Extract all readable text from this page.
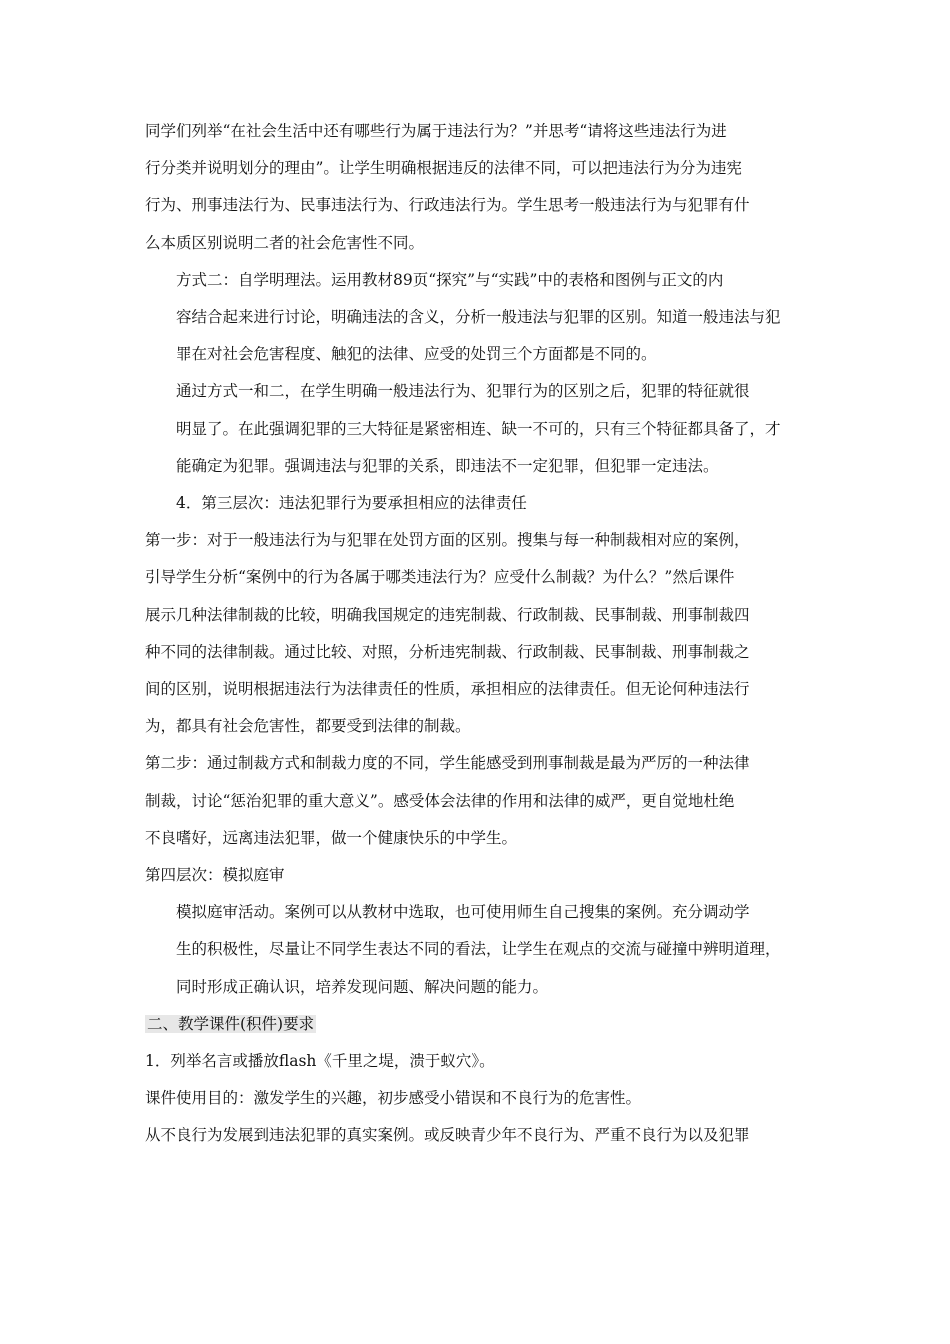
同学们列举“在社会生活中还有哪些行为属于违法行为？”并思考“请将这些违法行为进
行分类并说明划分的理由”。让学生明确根据违反的法律不同，可以把违法行为分为违宪
行为、刑事违法行为、民事违法行为、行政违法行为。学生思考一般违法行为与犯罪有什
么本质区别说明二者的社会危害性不同。
方式二：自学明理法。运用教材89页“探究”与“实践”中的表格和图例与正文的内
容结合起来进行讨论，明确违法的含义，分析一般违法与犯罪的区别。知道一般违法与犯
罪在对社会危害程度、触犯的法律、应受的处罚三个方面都是不同的。
通过方式一和二，在学生明确一般违法行为、犯罪行为的区别之后，犯罪的特征就很
明显了。在此强调犯罪的三大特征是紧密相连、缺一不可的，只有三个特征都具备了，才
能确定为犯罪。强调违法与犯罪的关系，即违法不一定犯罪，但犯罪一定违法。
4．第三层次：违法犯罪行为要承担相应的法律责任
第一步：对于一般违法行为与犯罪在处罚方面的区别。搜集与每一种制裁相对应的案例，
引导学生分析“案例中的行为各属于哪类违法行为？应受什么制裁？为什么？”然后课件
展示几种法律制裁的比较，明确我国规定的违宪制裁、行政制裁、民事制裁、刑事制裁四
种不同的法律制裁。通过比较、对照，分析违宪制裁、行政制裁、民事制裁、刑事制裁之
间的区别，说明根据违法行为法律责任的性质，承担相应的法律责任。但无论何种违法行
为，都具有社会危害性，都要受到法律的制裁。
第二步：通过制裁方式和制裁力度的不同，学生能感受到刑事制裁是最为严厉的一种法律
制裁，讨论“惩治犯罪的重大意义”。感受体会法律的作用和法律的威严，更自觉地杜绝
不良嗜好，远离违法犯罪，做一个健康快乐的中学生。
第四层次：模拟庭审
模拟庭审活动。案例可以从教材中选取，也可使用师生自己搜集的案例。充分调动学
生的积极性，尽量让不同学生表达不同的看法，让学生在观点的交流与碰撞中辨明道理，
同时形成正确认识，培养发现问题、解决问题的能力。
二、教学课件(积件)要求
1．列举名言或播放flash《千里之堤，溃于蚁穴》。
课件使用目的：激发学生的兴趣，初步感受小错误和不良行为的危害性。
从不良行为发展到违法犯罪的真实案例。或反映青少年不良行为、严重不良行为以及犯罪
